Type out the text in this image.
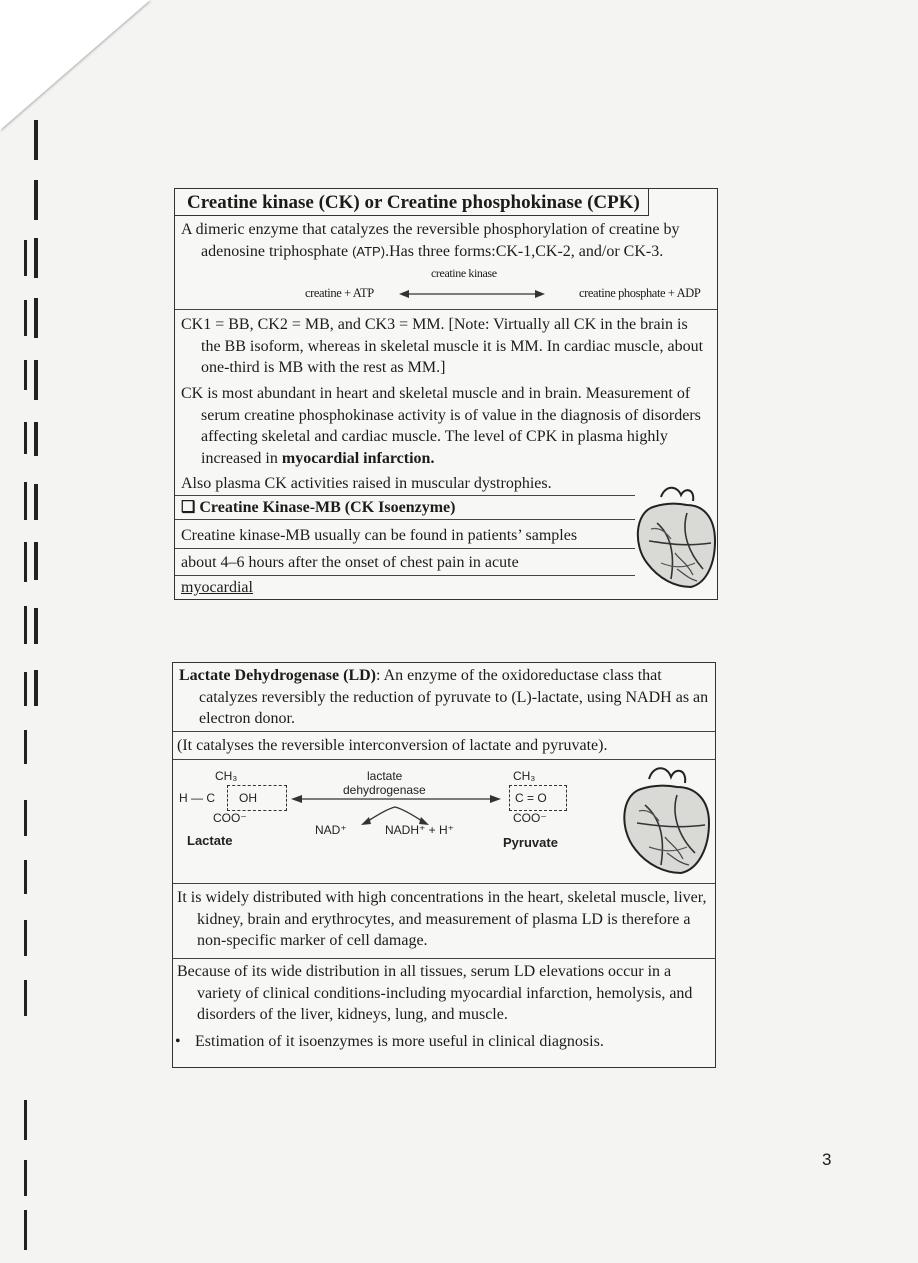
Creatine kinase (CK) or Creatine phosphokinase (CPK)
A dimeric enzyme that catalyzes the reversible phosphorylation of creatine by adenosine triphosphate (ATP).Has three forms:CK-1,CK-2, and/or CK-3.
creatine kinase
creatine + ATP	creatine phosphate + ADP
CK1 = BB, CK2 = MB, and CK3 = MM. [Note: Virtually all CK in the brain is the BB isoform, whereas in skeletal muscle it is MM. In cardiac muscle, about one-third is MB with the rest as MM.]
CK is most abundant in heart and skeletal muscle and in brain. Measurement of serum creatine phosphokinase activity is of value in the diagnosis of disorders affecting skeletal and cardiac muscle. The level of CPK in plasma highly increased in myocardial infarction.
Also plasma CK activities raised in muscular dystrophies.
❑ Creatine Kinase-MB (CK Isoenzyme)
Creatine kinase-MB usually can be found in patients’ samples
about 4–6 hours after the onset of chest pain in acute
myocardial
Lactate Dehydrogenase (LD): An enzyme of the oxidoreductase class that catalyzes reversibly the reduction of pyruvate to (L)-lactate, using NADH as an electron donor.
(It catalyses the reversible interconversion of lactate and pyruvate).
CH₃
H — C OH
COO⁻
Lactate
lactate
dehydrogenase
NAD⁺	NADH⁺ + H⁺
CH₃
C = O
COO⁻
Pyruvate
It is widely distributed with high concentrations in the heart, skeletal muscle, liver, kidney, brain and erythrocytes, and measurement of plasma LD is therefore a non-specific marker of cell damage.
Because of its wide distribution in all tissues, serum LD elevations occur in a variety of clinical conditions-including myocardial infarction, hemolysis, and disorders of the liver, kidneys, lung, and muscle.
• Estimation of it isoenzymes is more useful in clinical diagnosis.
3
